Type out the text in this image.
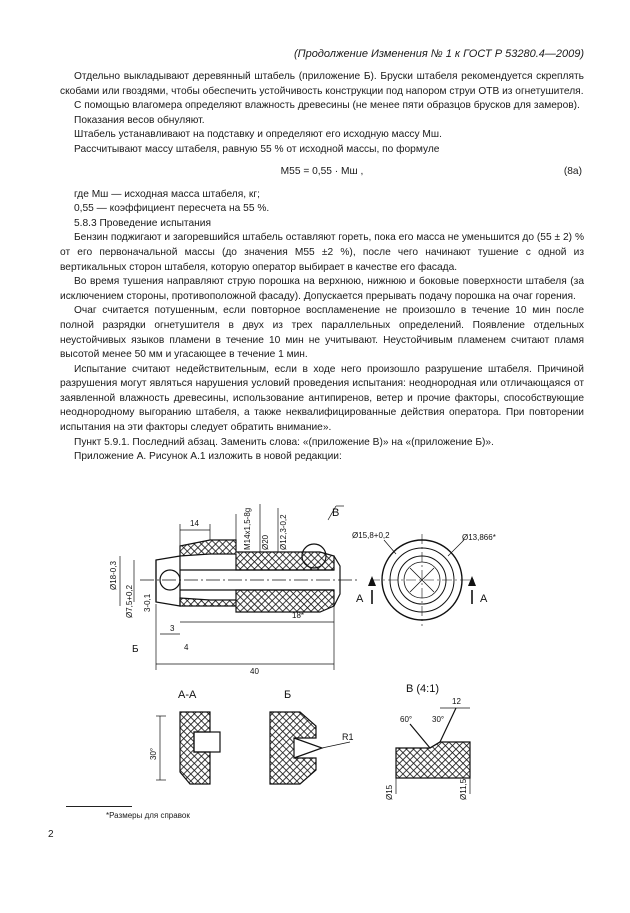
(Продолжение Изменения № 1 к ГОСТ Р 53280.4—2009)

Отдельно выкладывают деревянный штабель (приложение Б). Бруски штабеля рекомендуется скреплять скобами или гвоздями, чтобы обеспечить устойчивость конструкции под напором струи ОТВ из огнетушителя.

С помощью влагомера определяют влажность древесины (не менее пяти образцов брусков для замеров).

Показания весов обнуляют.

Штабель устанавливают на подставку и определяют его исходную массу Мш.

Рассчитывают массу штабеля, равную 55 % от исходной массы, по формуле

М55 = 0,55 · Мш ,	(8а)

где Мш — исходная масса штабеля, кг;

0,55 — коэффициент пересчета на 55 %.

5.8.3 Проведение испытания

Бензин поджигают и загоревшийся штабель оставляют гореть, пока его масса не уменьшится до (55 ± 2) % от его первоначальной массы (до значения М55 ±2 %), после чего начинают тушение с одной из вертикальных сторон штабеля, которую оператор выбирает в качестве его фасада.

Во время тушения направляют струю порошка на верхнюю, нижнюю и боковые поверхности штабеля (за исключением стороны, противоположной фасаду). Допускается прерывать подачу порошка на очаг горения.

Очаг считается потушенным, если повторное воспламенение не произошло в течение 10 мин после полной разрядки огнетушителя в двух из трех параллельных определений. Появление отдельных неустойчивых языков пламени в течение 10 мин не учитывают. Неустойчивым пламенем считают пламя высотой менее 50 мм и угасающее в течение 1 мин.

Испытание считают недействительным, если в ходе него произошло разрушение штабеля. Причиной разрушения могут являться нарушения условий проведения испытания: неоднородная или отличающаяся от заявленной влажность древесины, использование антипиренов, ветер и прочие факторы, способствующие неоднородному выгоранию штабеля, а также неквалифицированные действия оператора. При повторении испытания на эти факторы следует обратить внимание».

Пункт 5.9.1. Последний абзац. Заменить слова: «(приложение В)» на «(приложение Б)».

Приложение А. Рисунок А.1 изложить в новой редакции:

14	М14х1,5-8g Ø20 Ø12,3-0,2
Ø18-0,3
Ø7,5+0,2 3-0,1
4
3
18*
40
Б
В
Ø15,8+0,2	Ø13,866*
А	А
А-А
30°
Б
R1
В (4:1)
12
60° 30°
Ø15	Ø11,5
*Размеры для справок
2
